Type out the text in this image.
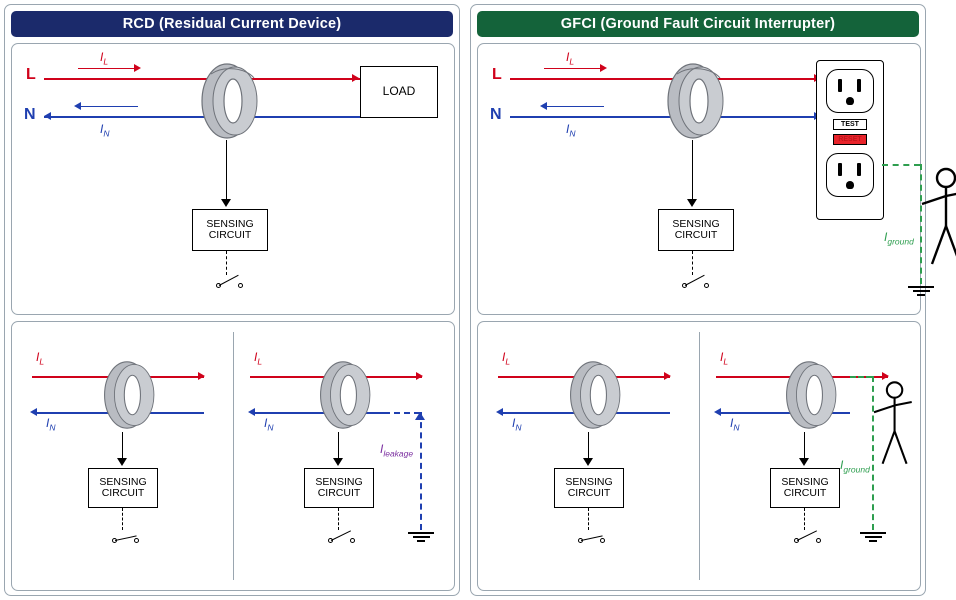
RCD (Residual Current Device)
L
N
$I_L$
$I_N$
LOAD
SENSING
CIRCUIT
$I_L$
$I_N$
SENSING
CIRCUIT
$I_L$
$I_N$
$I_{leakage}$
SENSING
CIRCUIT
GFCI (Ground Fault Circuit Interrupter)
L
N
$I_L$
$I_N$
TEST
RESET
$I_{ground}$
SENSING
CIRCUIT
$I_L$
$I_N$
SENSING
CIRCUIT
$I_L$
$I_N$
$I_{ground}$
SENSING
CIRCUIT
